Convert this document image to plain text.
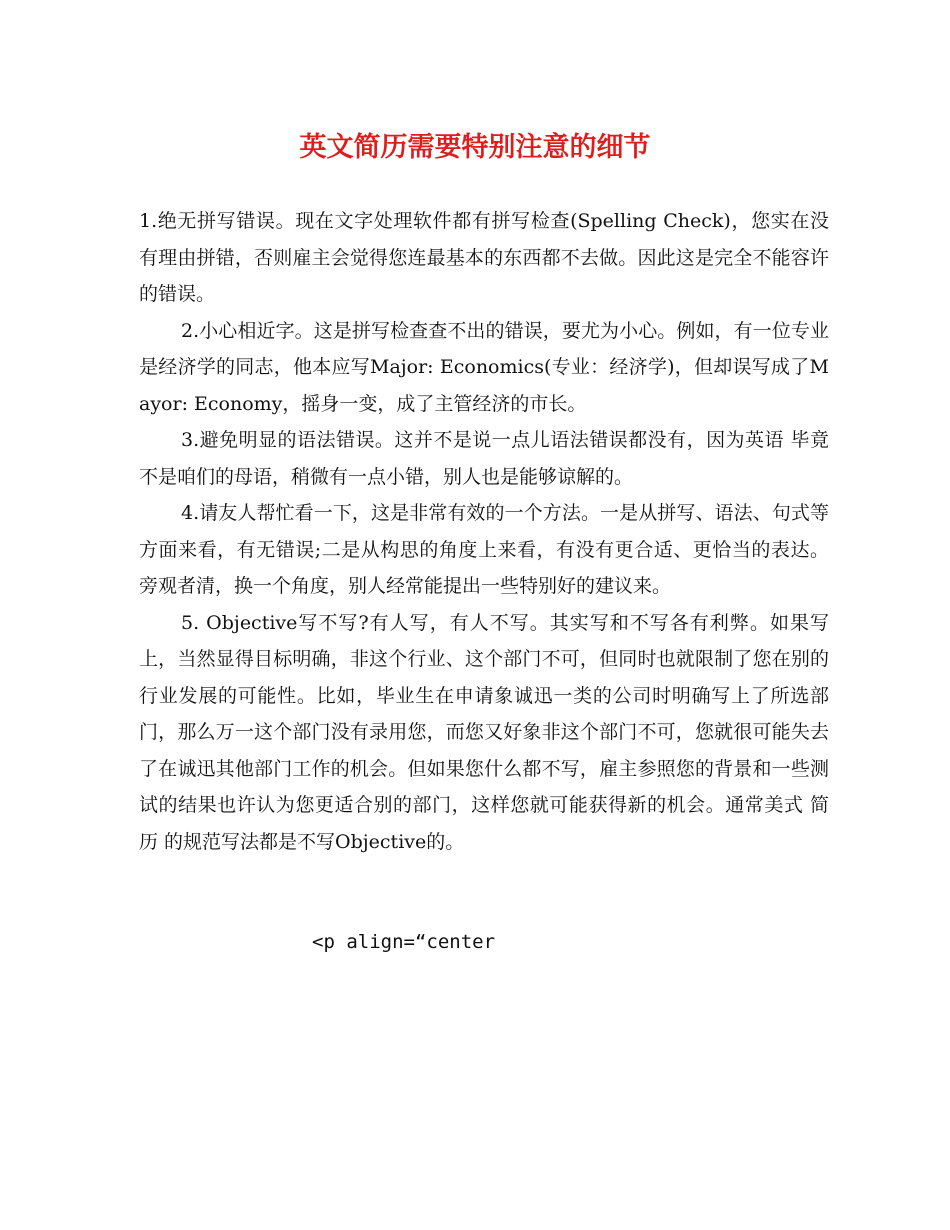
英文简历需要特别注意的细节

1.绝无拼写错误。现在文字处理软件都有拼写检查(Spelling Check)，您实在没有理由拼错，否则雇主会觉得您连最基本的东西都不去做。因此这是完全不能容许的错误。

2.小心相近字。这是拼写检查查不出的错误，要尤为小心。例如，有一位专业是经济学的同志，他本应写Major: Economics(专业：经济学)，但却误写成了Mayor: Economy，摇身一变，成了主管经济的市长。

3.避免明显的语法错误。这并不是说一点儿语法错误都没有，因为英语 毕竟不是咱们的母语，稍微有一点小错，别人也是能够谅解的。

4.请友人帮忙看一下，这是非常有效的一个方法。一是从拼写、语法、句式等方面来看，有无错误;二是从构思的角度上来看，有没有更合适、更恰当的表达。旁观者清，换一个角度，别人经常能提出一些特别好的建议来。

5. Objective写不写?有人写，有人不写。其实写和不写各有利弊。如果写上，当然显得目标明确，非这个行业、这个部门不可，但同时也就限制了您在别的行业发展的可能性。比如，毕业生在申请象诚迅一类的公司时明确写上了所选部门，那么万一这个部门没有录用您，而您又好象非这个部门不可，您就很可能失去了在诚迅其他部门工作的机会。但如果您什么都不写，雇主参照您的背景和一些测试的结果也许认为您更适合别的部门，这样您就可能获得新的机会。通常美式 简历 的规范写法都是不写Objective的。

<p align=“center
